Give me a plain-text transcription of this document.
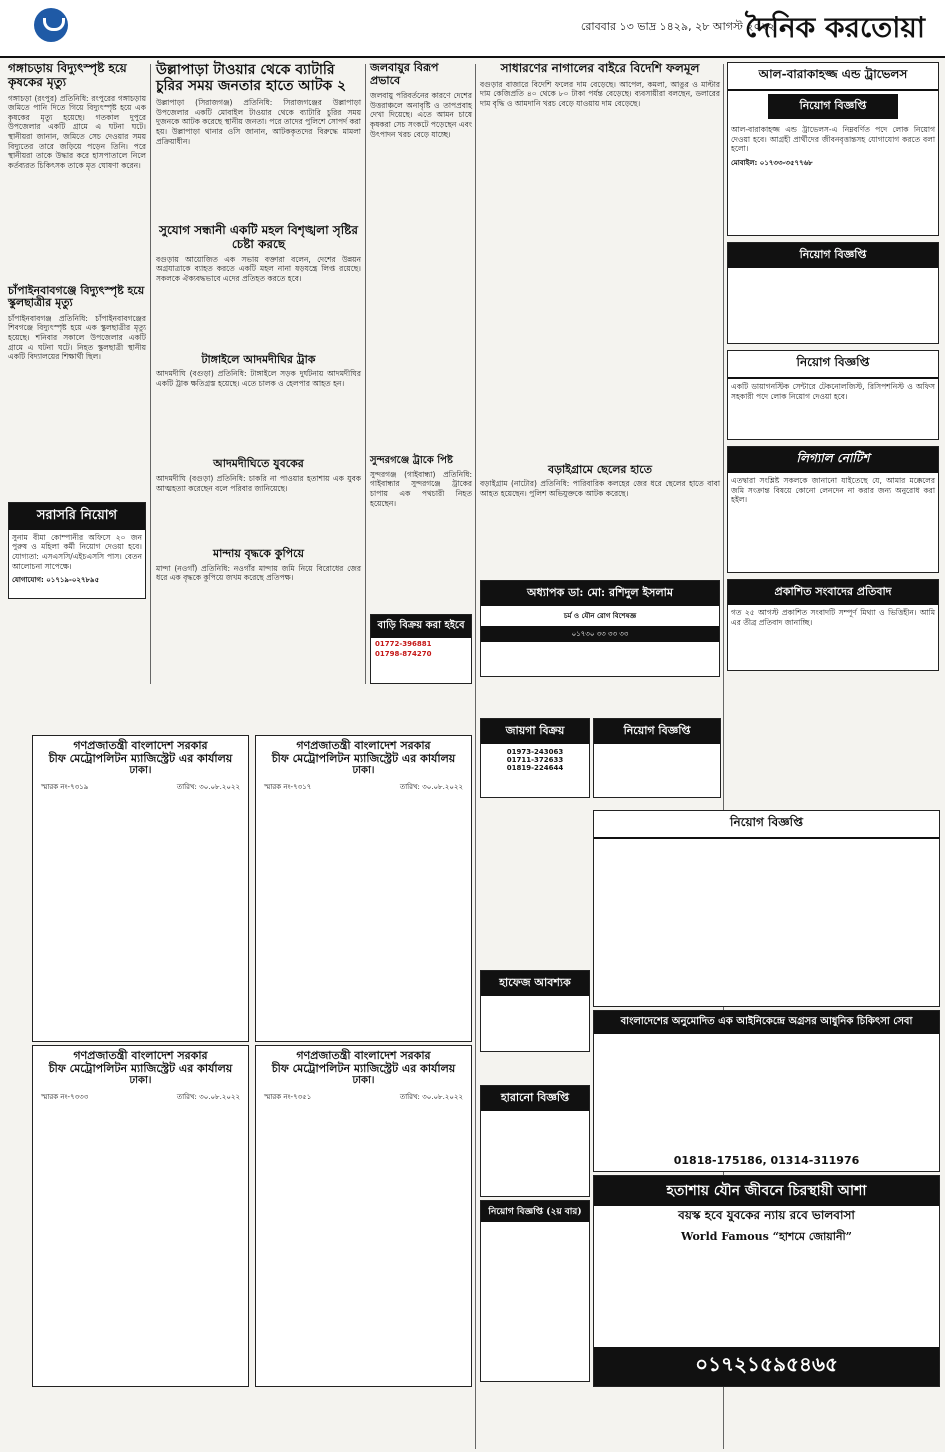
রোববার ১৩ ভাদ্র ১৪২৯, ২৮ আগস্ট ২০২২
দৈনিক করতোয়া
গঙ্গাচড়ায় বিদ্যুৎস্পৃষ্ট হয়ে কৃষকের মৃত্যু
গঙ্গাচড়া (রংপুর) প্রতিনিধি: রংপুরের গঙ্গাচড়ায় জমিতে পানি দিতে গিয়ে বিদ্যুৎস্পৃষ্ট হয়ে এক কৃষকের মৃত্যু হয়েছে। গতকাল দুপুরে উপজেলার একটি গ্রামে এ ঘটনা ঘটে। স্থানীয়রা জানান, জমিতে সেচ দেওয়ার সময় বিদ্যুতের তারে জড়িয়ে পড়েন তিনি। পরে স্থানীয়রা তাকে উদ্ধার করে হাসপাতালে নিলে কর্তব্যরত চিকিৎসক তাকে মৃত ঘোষণা করেন।
চাঁপাইনবাবগঞ্জে বিদ্যুৎস্পৃষ্ট হয়ে স্কুলছাত্রীর মৃত্যু
চাঁপাইনবাবগঞ্জ প্রতিনিধি: চাঁপাইনবাবগঞ্জের শিবগঞ্জে বিদ্যুৎস্পৃষ্ট হয়ে এক স্কুলছাত্রীর মৃত্যু হয়েছে। শনিবার সকালে উপজেলার একটি গ্রামে এ ঘটনা ঘটে। নিহত স্কুলছাত্রী স্থানীয় একটি বিদ্যালয়ের শিক্ষার্থী ছিল।
সরাসরি নিয়োগ
সুনাম বীমা কোম্পানীর অফিসে ২০ জন পুরুষ ও মহিলা কর্মী নিয়োগ দেওয়া হবে। যোগ্যতা: এসএসসি/এইচএসসি পাস। বেতন আলোচনা সাপেক্ষে।
যোগাযোগ: ০১৭১৯-০২৭৮৯৫
উল্লাপাড়া টাওয়ার থেকে ব্যাটারি চুরির সময় জনতার হাতে আটক ২
উল্লাপাড়া (সিরাজগঞ্জ) প্রতিনিধি: সিরাজগঞ্জের উল্লাপাড়া উপজেলার একটি মোবাইল টাওয়ার থেকে ব্যাটারি চুরির সময় দুজনকে আটক করেছে স্থানীয় জনতা। পরে তাদের পুলিশে সোপর্দ করা হয়। উল্লাপাড়া থানার ওসি জানান, আটককৃতদের বিরুদ্ধে মামলা প্রক্রিয়াধীন।
সুযোগ সন্ধানী একটি মহল বিশৃঙ্খলা সৃষ্টির চেষ্টা করছে
বগুড়ায় আয়োজিত এক সভায় বক্তারা বলেন, দেশের উন্নয়ন অগ্রযাত্রাকে ব্যাহত করতে একটি মহল নানা ষড়যন্ত্রে লিপ্ত রয়েছে। সকলকে ঐক্যবদ্ধভাবে এদের প্রতিহত করতে হবে।
টাঙ্গাইলে আদমদীঘির ট্রাক
আদমদীঘি (বগুড়া) প্রতিনিধি: টাঙ্গাইলে সড়ক দুর্ঘটনায় আদমদীঘির একটি ট্রাক ক্ষতিগ্রস্ত হয়েছে। এতে চালক ও হেলপার আহত হন।
আদমদীঘিতে যুবকের
আদমদীঘি (বগুড়া) প্রতিনিধি: চাকরি না পাওয়ার হতাশায় এক যুবক আত্মহত্যা করেছেন বলে পরিবার জানিয়েছে।
মান্দায় বৃদ্ধকে কুপিয়ে
মান্দা (নওগাঁ) প্রতিনিধি: নওগাঁর মান্দায় জমি নিয়ে বিরোধের জের ধরে এক বৃদ্ধকে কুপিয়ে জখম করেছে প্রতিপক্ষ।
জলবায়ুর বিরূপ প্রভাবে
জলবায়ু পরিবর্তনের কারণে দেশের উত্তরাঞ্চলে অনাবৃষ্টি ও তাপপ্রবাহ দেখা দিয়েছে। এতে আমন চাষে কৃষকরা সেচ সংকটে পড়েছেন এবং উৎপাদন খরচ বেড়ে যাচ্ছে।
সুন্দরগঞ্জে ট্রাকে পিষ্ট
সুন্দরগঞ্জ (গাইবান্ধা) প্রতিনিধি: গাইবান্ধার সুন্দরগঞ্জে ট্রাকের চাপায় এক পথচারী নিহত হয়েছেন।
বাড়ি বিক্রয় করা হইবে
01772-396881
01798-874270
সাধারণের নাগালের বাইরে বিদেশি ফলমূল
বগুড়ার বাজারে বিদেশি ফলের দাম বেড়েছে। আপেল, কমলা, আঙুর ও মাল্টার দাম কেজিপ্রতি ৪০ থেকে ৮০ টাকা পর্যন্ত বেড়েছে। ব্যবসায়ীরা বলছেন, ডলারের দাম বৃদ্ধি ও আমদানি খরচ বেড়ে যাওয়ায় দাম বেড়েছে।
বড়াইগ্রামে ছেলের হাতে
বড়াইগ্রাম (নাটোর) প্রতিনিধি: পারিবারিক কলহের জের ধরে ছেলের হাতে বাবা আহত হয়েছেন। পুলিশ অভিযুক্তকে আটক করেছে।
অধ্যাপক ডা: মো: রশিদুল ইসলাম
চর্ম ও যৌন রোগ বিশেষজ্ঞ
০১৭৩০ ৩৩ ৩৩ ৩৩
আল-বারাকাহজ্জ এন্ড ট্রাভেলস
নিয়োগ বিজ্ঞপ্তি
আল-বারাকাহজ্জ এন্ড ট্রাভেলস-এ নিম্নবর্ণিত পদে লোক নিয়োগ দেওয়া হবে। আগ্রহী প্রার্থীদের জীবনবৃত্তান্তসহ যোগাযোগ করতে বলা হলো।
মোবাইল: ০১৭৩৩-৩৫৭৭৬৮
নিয়োগ বিজ্ঞপ্তি
নিয়োগ বিজ্ঞপ্তি
একটি ডায়াগনস্টিক সেন্টারে টেকনোলজিস্ট, রিসিপশনিস্ট ও অফিস সহকারী পদে লোক নিয়োগ দেওয়া হবে।
লিগ্যাল নোটিশ
এতদ্বারা সংশ্লিষ্ট সকলকে জানানো যাইতেছে যে, আমার মক্কেলের জমি সংক্রান্ত বিষয়ে কোনো লেনদেন না করার জন্য অনুরোধ করা হইল।
প্রকাশিত সংবাদের প্রতিবাদ
গত ২৫ আগস্ট প্রকাশিত সংবাদটি সম্পূর্ণ মিথ্যা ও ভিত্তিহীন। আমি এর তীব্র প্রতিবাদ জানাচ্ছি।
গণপ্রজাতন্ত্রী বাংলাদেশ সরকার
চীফ মেট্রোপলিটন ম্যাজিস্ট্রেট এর কার্যালয়
ঢাকা।
স্মারক নং-৭৩১৯	তারিখ: ৩০.০৮.২০২২
গণপ্রজাতন্ত্রী বাংলাদেশ সরকার
চীফ মেট্রোপলিটন ম্যাজিস্ট্রেট এর কার্যালয়
ঢাকা।
স্মারক নং-৭৩১৭	তারিখ: ৩০.০৮.২০২২
গণপ্রজাতন্ত্রী বাংলাদেশ সরকার
চীফ মেট্রোপলিটন ম্যাজিস্ট্রেট এর কার্যালয়
ঢাকা।
স্মারক নং-৭৩৩৩	তারিখ: ৩০.০৮.২০২২
গণপ্রজাতন্ত্রী বাংলাদেশ সরকার
চীফ মেট্রোপলিটন ম্যাজিস্ট্রেট এর কার্যালয়
ঢাকা।
স্মারক নং-৭৩৫১	তারিখ: ৩০.০৮.২০২২
জায়গা বিক্রয়
01973-243063
01711-372633
01819-224644
নিয়োগ বিজ্ঞপ্তি
হাফেজ আবশ্যক
হারানো বিজ্ঞপ্তি
নিয়োগ বিজ্ঞপ্তি (২য় বার)
নিয়োগ বিজ্ঞপ্তি
বাংলাদেশের অনুমোদিত এক আইনিকেন্দ্রে অগ্রসর আধুনিক চিকিৎসা সেবা
01818-175186, 01314-311976
হতাশায় যৌন জীবনে চিরস্থায়ী আশা
বয়স্ক হবে যুবকের ন্যায় রবে ভালবাসা
World Famous “হাশমে জোয়ানী”
০১৭২১৫৯৫৪৬৫
